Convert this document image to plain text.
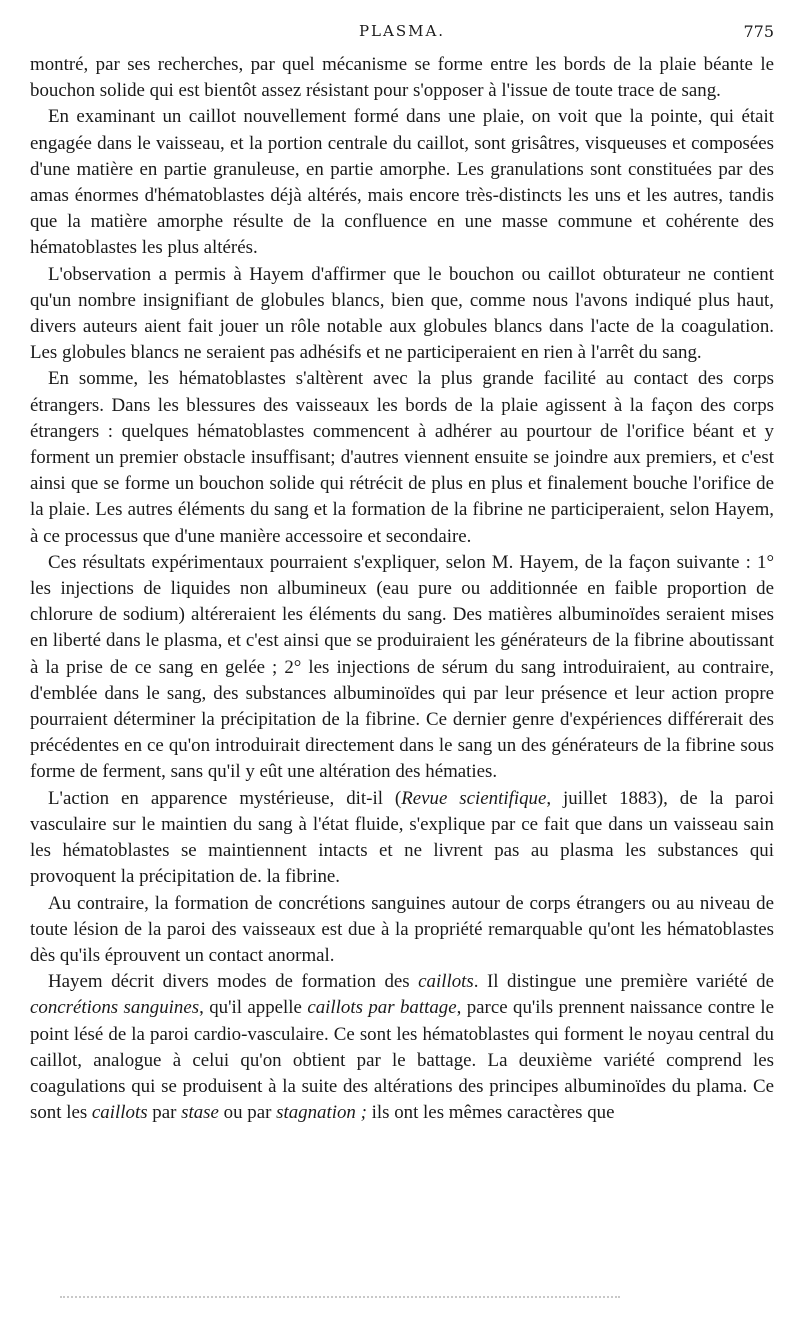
PLASMA.	775

montré, par ses recherches, par quel mécanisme se forme entre les bords de la plaie béante le bouchon solide qui est bientôt assez résistant pour s'opposer à l'issue de toute trace de sang.

En examinant un caillot nouvellement formé dans une plaie, on voit que la pointe, qui était engagée dans le vaisseau, et la portion centrale du caillot, sont grisâtres, visqueuses et composées d'une matière en partie granuleuse, en partie amorphe. Les granulations sont constituées par des amas énormes d'hématoblastes déjà altérés, mais encore très-distincts les uns et les autres, tandis que la matière amorphe résulte de la confluence en une masse commune et cohérente des hématoblastes les plus altérés.

L'observation a permis à Hayem d'affirmer que le bouchon ou caillot obturateur ne contient qu'un nombre insignifiant de globules blancs, bien que, comme nous l'avons indiqué plus haut, divers auteurs aient fait jouer un rôle notable aux globules blancs dans l'acte de la coagulation. Les globules blancs ne seraient pas adhésifs et ne participeraient en rien à l'arrêt du sang.

En somme, les hématoblastes s'altèrent avec la plus grande facilité au contact des corps étrangers. Dans les blessures des vaisseaux les bords de la plaie agissent à la façon des corps étrangers : quelques hématoblastes commencent à adhérer au pourtour de l'orifice béant et y forment un premier obstacle insuffisant; d'autres viennent ensuite se joindre aux premiers, et c'est ainsi que se forme un bouchon solide qui rétrécit de plus en plus et finalement bouche l'orifice de la plaie. Les autres éléments du sang et la formation de la fibrine ne participeraient, selon Hayem, à ce processus que d'une manière accessoire et secondaire.

Ces résultats expérimentaux pourraient s'expliquer, selon M. Hayem, de la façon suivante : 1° les injections de liquides non albumineux (eau pure ou additionnée en faible proportion de chlorure de sodium) altéreraient les éléments du sang. Des matières albuminoïdes seraient mises en liberté dans le plasma, et c'est ainsi que se produiraient les générateurs de la fibrine aboutissant à la prise de ce sang en gelée ; 2° les injections de sérum du sang introduiraient, au contraire, d'emblée dans le sang, des substances albuminoïdes qui par leur présence et leur action propre pourraient déterminer la précipitation de la fibrine. Ce dernier genre d'expériences différerait des précédentes en ce qu'on introduirait directement dans le sang un des générateurs de la fibrine sous forme de ferment, sans qu'il y eût une altération des hématies.

L'action en apparence mystérieuse, dit-il (Revue scientifique, juillet 1883), de la paroi vasculaire sur le maintien du sang à l'état fluide, s'explique par ce fait que dans un vaisseau sain les hématoblastes se maintiennent intacts et ne livrent pas au plasma les substances qui provoquent la précipitation de. la fibrine.

Au contraire, la formation de concrétions sanguines autour de corps étrangers ou au niveau de toute lésion de la paroi des vaisseaux est due à la propriété remarquable qu'ont les hématoblastes dès qu'ils éprouvent un contact anormal.

Hayem décrit divers modes de formation des caillots. Il distingue une première variété de concrétions sanguines, qu'il appelle caillots par battage, parce qu'ils prennent naissance contre le point lésé de la paroi cardio-vasculaire. Ce sont les hématoblastes qui forment le noyau central du caillot, analogue à celui qu'on obtient par le battage. La deuxième variété comprend les coagulations qui se produisent à la suite des altérations des principes albuminoïdes du plama. Ce sont les caillots par stase ou par stagnation ; ils ont les mêmes caractères que
